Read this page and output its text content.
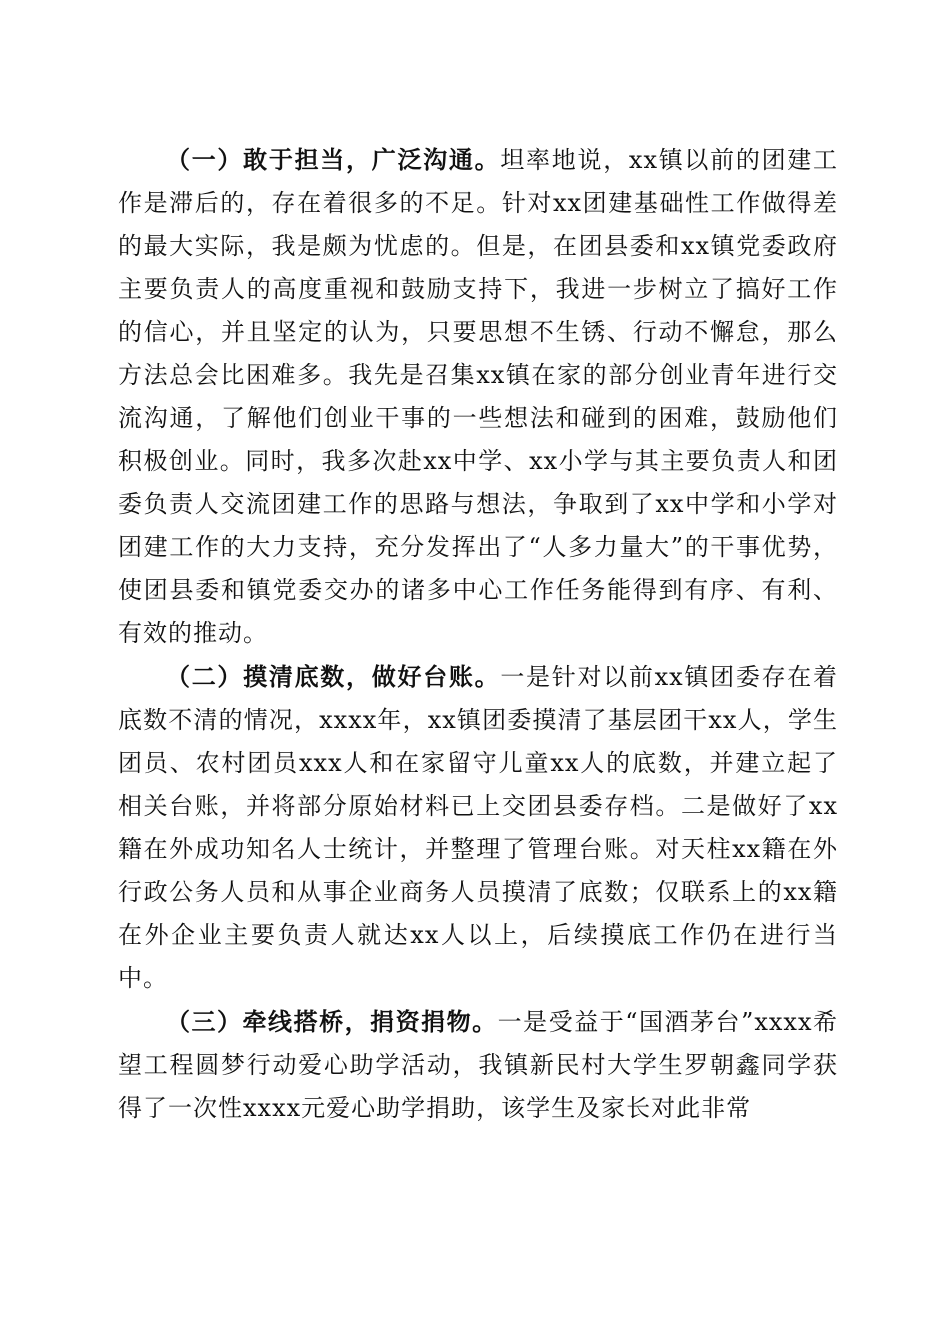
（一）敢于担当，广泛沟通。坦率地说，xx镇以前的团建工作是滞后的，存在着很多的不足。针对xx团建基础性工作做得差的最大实际，我是颇为忧虑的。但是，在团县委和xx镇党委政府主要负责人的高度重视和鼓励支持下，我进一步树立了搞好工作的信心，并且坚定的认为，只要思想不生锈、行动不懈怠，那么方法总会比困难多。我先是召集xx镇在家的部分创业青年进行交流沟通，了解他们创业干事的一些想法和碰到的困难，鼓励他们积极创业。同时，我多次赴xx中学、xx小学与其主要负责人和团委负责人交流团建工作的思路与想法，争取到了xx中学和小学对团建工作的大力支持，充分发挥出了“人多力量大”的干事优势，使团县委和镇党委交办的诸多中心工作任务能得到有序、有利、有效的推动。

（二）摸清底数，做好台账。一是针对以前xx镇团委存在着底数不清的情况，xxxx年，xx镇团委摸清了基层团干xx人，学生团员、农村团员xxx人和在家留守儿童xx人的底数，并建立起了相关台账，并将部分原始材料已上交团县委存档。二是做好了xx籍在外成功知名人士统计，并整理了管理台账。对天柱xx籍在外行政公务人员和从事企业商务人员摸清了底数；仅联系上的xx籍在外企业主要负责人就达xx人以上，后续摸底工作仍在进行当中。

（三）牵线搭桥，捐资捐物。一是受益于“国酒茅台”xxxx希望工程圆梦行动爱心助学活动，我镇新民村大学生罗朝鑫同学获得了一次性xxxx元爱心助学捐助，该学生及家长对此非常
